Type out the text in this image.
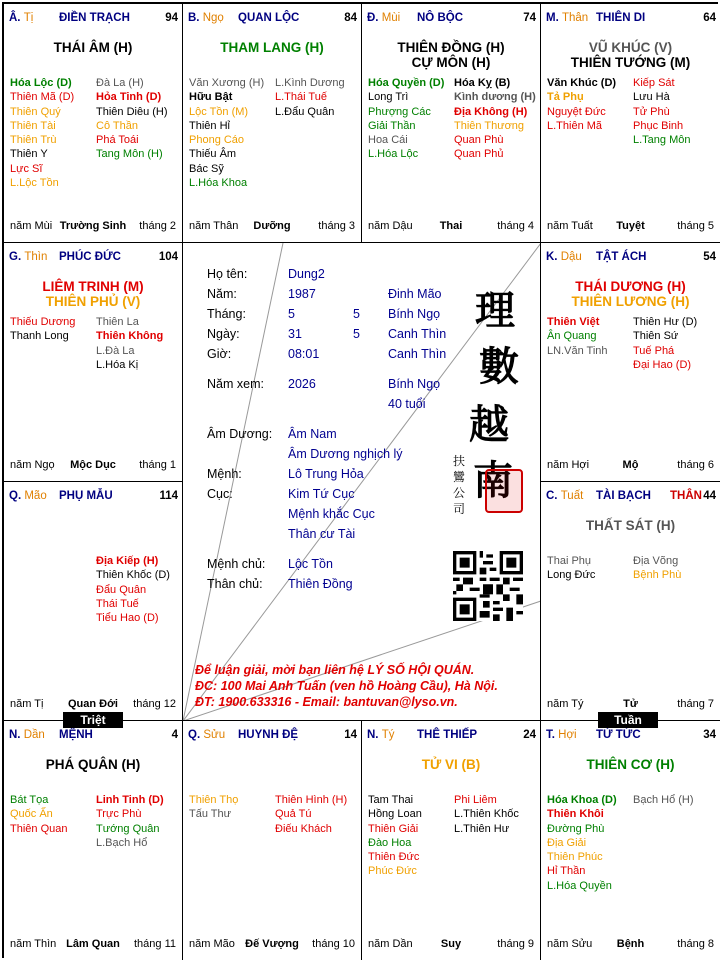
Â. Tị ĐIỀN TRẠCH	94
THÁI ÂM (H)
Hóa Lộc (D)
Thiên Mã (D)
Thiên Quý
Thiên Tài
Thiên Trù
Thiên Y
Lực Sĩ
L.Lộc Tồn
Đà La (H)
Hỏa Tinh (D)
Thiên Diêu (H)
Cô Thần
Phá Toái
Tang Môn (H)
năm Mùi Trường Sinh	tháng 2
B. Ngọ QUAN LỘC	84
THAM LANG (H)
Văn Xương (H)
Hữu Bật
Lộc Tồn (M)
Thiên Hỉ
Phong Cáo
Thiếu Âm
Bác Sỹ
L.Hóa Khoa
L.Kình Dương
L.Thái Tuế
L.Đẩu Quân
năm Thân	Dưỡng	tháng 3
Đ. Mùi NÔ BỘC	74
THIÊN ĐỒNG (H)
CỰ MÔN (H)
Hóa Quyền (D)
Long Trì
Phượng Các
Giải Thần
Hoa Cái
L.Hóa Lộc
Hóa Kỵ (B)
Kình dương (H)
Địa Không (H)
Thiên Thương
Quan Phù
Quan Phủ
năm Dậu	Thai	tháng 4
M. Thân THIÊN DI	64
VŨ KHÚC (V)
THIÊN TƯỚNG (M)
Văn Khúc (D)
Tả Phụ
Nguyệt Đức
L.Thiên Mã
Kiếp Sát
Lưu Hà
Tử Phù
Phục Binh
L.Tang Môn
năm Tuất	Tuyệt	tháng 5
G. Thìn PHÚC ĐỨC	104
LIÊM TRINH (M)
THIÊN PHỦ (V)
Thiếu Dương
Thanh Long
Thiên La
Thiên Không
L.Đà La
L.Hóa Kị
năm Ngọ	Mộc Dục	tháng 1
K. Dậu TẬT ÁCH	54
THÁI DƯƠNG (H)
THIÊN LƯƠNG (H)
Thiên Việt
Ân Quang
LN.Văn Tinh
Thiên Hư (D)
Thiên Sứ
Tuế Phá
Đại Hao (D)
năm Hợi	Mộ	tháng 6
Q. Mão PHỤ MẪU	114
Địa Kiếp (H)
Thiên Khốc (D)
Đẩu Quân
Thái Tuế
Tiểu Hao (D)
năm Tị	Quan Đới	tháng 12
C. Tuất TÀI BẠCH THÂN 44
THẤT SÁT (H)
Thai Phụ
Long Đức
Địa Võng
Bệnh Phù
năm Tý	Tử	tháng 7
N. Dần MỆNH	4
PHÁ QUÂN (H)
Bát Tọa
Quốc Ấn
Thiên Quan
Linh Tinh (D)
Trực Phù
Tướng Quân
L.Bạch Hổ
năm Thìn Lâm Quan	tháng 11
Q. Sửu HUYNH ĐỆ	14
Thiên Thọ
Tấu Thư
Thiên Hình (H)
Quả Tú
Điếu Khách
năm Mão Đế Vượng	tháng 10
N. Tý THÊ THIẾP	24
TỬ VI (B)
Tam Thai
Hồng Loan
Thiên Giải
Đào Hoa
Thiên Đức
Phúc Đức
Phi Liêm
L.Thiên Khốc
L.Thiên Hư
năm Dần	Suy	tháng 9
T. Hợi TỬ TỨC	34
THIÊN CƠ (H)
Hóa Khoa (D)
Thiên Khôi
Đường Phù
Địa Giải
Thiên Phúc
Hỉ Thần
L.Hóa Quyền
Bạch Hổ (H)
năm Sửu	Bệnh	tháng 8
Họ tên:	Dung2
Năm:	1987	Đinh Mão
Tháng:	5	5 Bính Ngọ
Ngày:	31	5 Canh Thìn
Giờ:	08:01	Canh Thìn
Năm xem: 2026	Bính Ngọ
40 tuổi
Âm Dương: Âm Nam
Âm Dương nghịch lý
Mệnh:	Lô Trung Hỏa
Cục:	Kim Tứ Cục
Mệnh khắc Cục
Thân cư Tài
Mệnh chủ: Lộc Tồn
Thân chủ: Thiên Đồng
理
數
越
南
扶
鸞
公
司
Để luận giải, mời bạn liên hệ LÝ SỐ HỘI QUÁN.
ĐC: 100 Mai Anh Tuấn (ven hồ Hoàng Cầu), Hà Nội.
ĐT: 1900.633316 - Email: bantuvan@lyso.vn.
Triệt	Tuần
